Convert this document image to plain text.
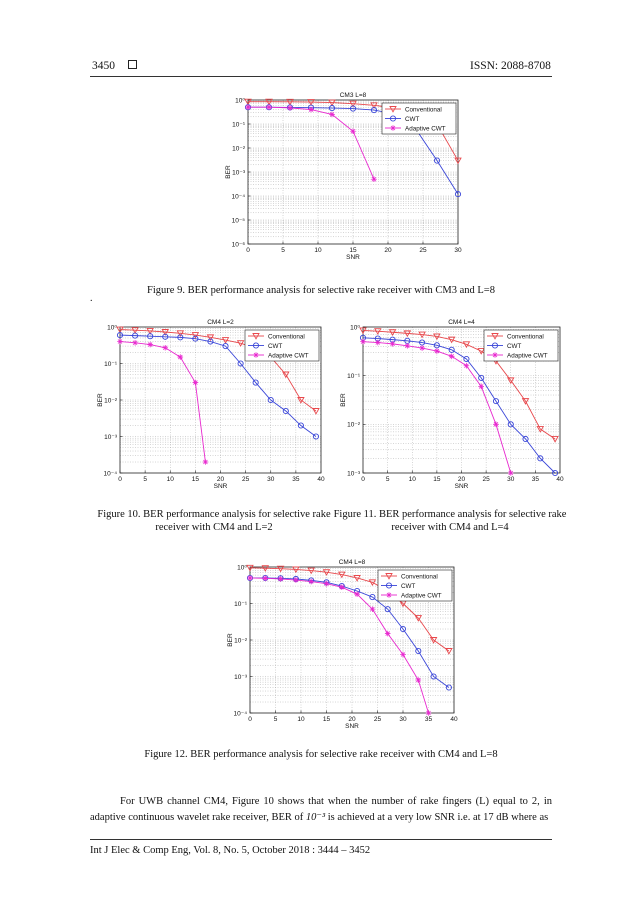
3450	ISSN: 2088-8708
CM3 L=8
0	5	10	15	20	25	30
SNR
10⁰
10⁻¹
10⁻²
10⁻³
10⁻⁴
10⁻⁵
10⁻⁶
BER
Conventional
CWT
Adaptive CWT
Figure 9. BER performance analysis for selective rake receiver with CM3 and L=8
.
CM4 L=2
0	5	10	15	20	25	30	35	40
SNR
10⁰
10⁻¹
10⁻²
10⁻³
10⁻⁴
BER
Conventional
CWT
Adaptive CWT
CM4 L=4
0	5	10	15	20	25	30	35	40
SNR
10⁰
10⁻¹
10⁻²
10⁻³
BER
Conventional
CWT
Adaptive CWT
Figure 10. BER performance analysis for selective rake receiver with CM4 and L=2
Figure 11. BER performance analysis for selective rake receiver with CM4 and L=4
CM4 L=8
0	5	10	15	20	25	30	35	40
SNR
10⁰
10⁻¹
10⁻²
10⁻³
10⁻⁴
BER
Conventional
CWT
Adaptive CWT
Figure 12. BER performance analysis for selective rake receiver with CM4 and L=8
For UWB channel CM4, Figure 10 shows that when the number of rake fingers (L) equal to 2, in adaptive continuous wavelet rake receiver, BER of 10⁻³ is achieved at a very low SNR i.e. at 17 dB where as
Int J Elec & Comp Eng, Vol. 8, No. 5, October 2018 : 3444 – 3452
